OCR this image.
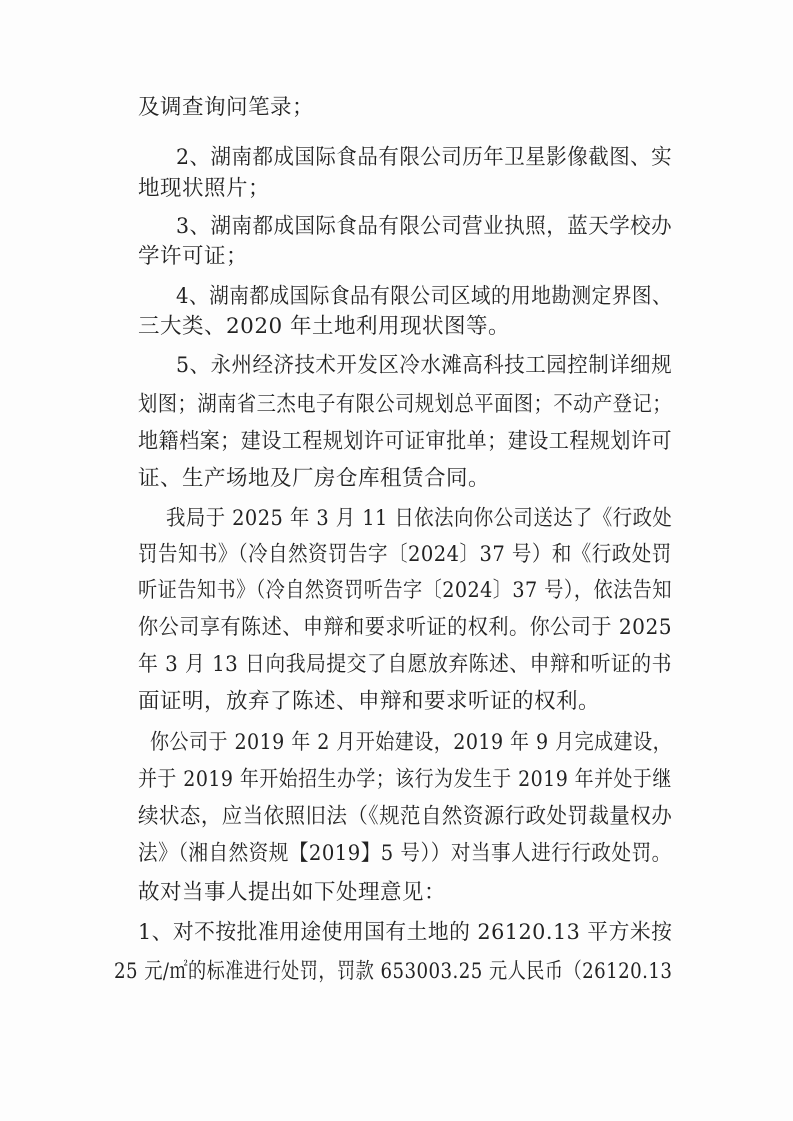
及调查询问笔录；
2、湖南都成国际食品有限公司历年卫星影像截图、实
地现状照片；
3、湖南都成国际食品有限公司营业执照，蓝天学校办
学许可证；
4、湖南都成国际食品有限公司区域的用地勘测定界图、
三大类、2020 年土地利用现状图等。
5、永州经济技术开发区冷水滩高科技工园控制详细规
划图；湖南省三杰电子有限公司规划总平面图；不动产登记；
地籍档案；建设工程规划许可证审批单；建设工程规划许可
证、生产场地及厂房仓库租赁合同。
我局于 2025 年 3 月 11 日依法向你公司送达了《行政处
罚告知书》（冷自然资罚告字〔2024〕37 号）和《行政处罚
听证告知书》（冷自然资罚听告字〔2024〕37 号），依法告知
你公司享有陈述、申辩和要求听证的权利。你公司于 2025
年 3 月 13 日向我局提交了自愿放弃陈述、申辩和听证的书
面证明，放弃了陈述、申辩和要求听证的权利。
你公司于 2019 年 2 月开始建设，2019 年 9 月完成建设，
并于 2019 年开始招生办学；该行为发生于 2019 年并处于继
续状态，应当依照旧法（《规范自然资源行政处罚裁量权办
法》（湘自然资规【2019】5 号））对当事人进行行政处罚。
故对当事人提出如下处理意见：
1、对不按批准用途使用国有土地的 26120.13 平方米按
25 元/㎡的标准进行处罚，罚款 653003.25 元人民币（26120.13
